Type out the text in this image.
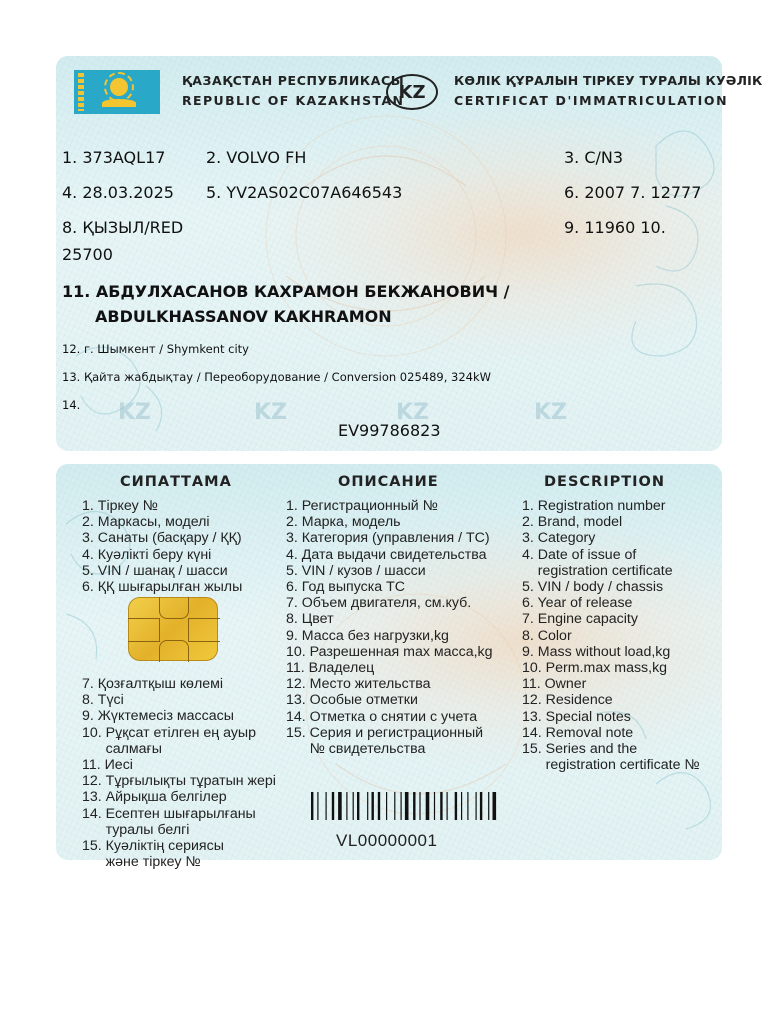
ҚАЗАҚСТАН РЕСПУБЛИКАСЫ
REPUBLIC OF KAZAKHSTAN
KZ
КӨЛІК ҚҰРАЛЫН ТІРКЕУ ТУРАЛЫ КУӘЛІК
CERTIFICAT D'IMMATRICULATION
1. 373AQL17	2. VOLVO FH	3. C/N3
4. 28.03.2025 5. YV2AS02C07A646543	6. 2007 7. 12777
8. ҚЫЗЫЛ/RED	9. 11960 10.
25700
11. АБДУЛХАСАНОВ КАХРАМОН БЕКЖАНОВИЧ /
ABDULKHASSANOV KAKHRAMON
12. г. Шымкент / Shymkent city
13. Қайта жабдықтау / Переоборудование / Conversion 025489, 324kW
14. KZ	KZ	KZ	KZ
EV99786823
СИПАТТАМА	ОПИСАНИЕ	DESCRIPTION
1. Тіркеу №
2. Маркасы, моделі
3. Санаты (басқару / ҚҚ)
4. Куәлікті беру күні
5. VIN / шанақ / шасси
6. ҚҚ шығарылған жылы
7. Қозғалтқыш көлемі
8. Түсі
9. Жүктемесіз массасы
10. Рұқсат етілген ең ауыр
салмағы
11. Иесі
12. Тұрғылықты тұратын жері
13. Айрықша белгілер
14. Есептен шығарылғаны
туралы белгі
15. Куәліктің сериясы
және тіркеу №
1. Регистрационный №
2. Марка, модель
3. Категория (управления / ТС)
4. Дата выдачи свидетельства
5. VIN / кузов / шасси
6. Год выпуска ТС
7. Объем двигателя, см.куб.
8. Цвет
9. Масса без нагрузки,kg
10. Разрешенная max масса,kg
11. Владелец
12. Место жительства
13. Особые отметки
14. Отметка о снятии с учета
15. Серия и регистрационный
№ свидетельства
1. Registration number
2. Brand, model
3. Category
4. Date of issue of
registration certificate
5. VIN / body / chassis
6. Year of release
7. Engine capacity
8. Color
9. Mass without load,kg
10. Perm.max mass,kg
11. Owner
12. Residence
13. Special notes
14. Removal note
15. Series and the
registration certificate №
VL00000001
